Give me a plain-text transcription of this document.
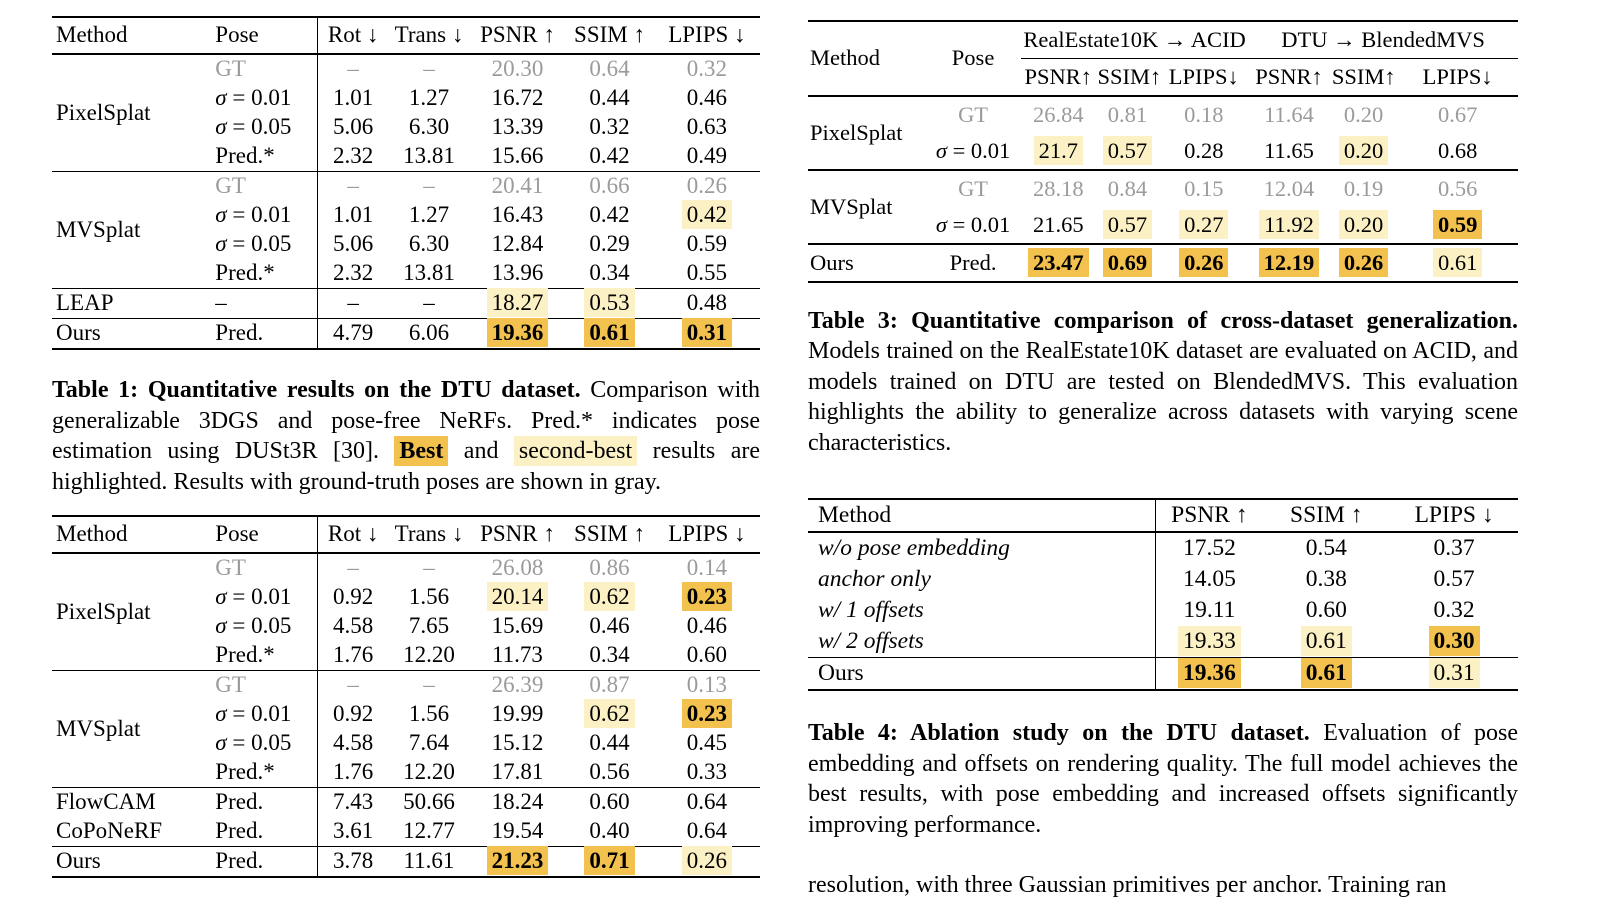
Method	Pose	Rot ↓	Trans ↓	PSNR ↑	SSIM ↑	LPIPS ↓
PixelSplat	GT	–	–	20.30	0.64	0.32
	σ = 0.01	1.01	1.27	16.72	0.44	0.46
	σ = 0.05	5.06	6.30	13.39	0.32	0.63
	Pred.*	2.32	13.81	15.66	0.42	0.49
MVSplat	GT	–	–	20.41	0.66	0.26
	σ = 0.01	1.01	1.27	16.43	0.42	0.42
	σ = 0.05	5.06	6.30	12.84	0.29	0.59
	Pred.*	2.32	13.81	13.96	0.34	0.55
LEAP	–	–	–	18.27	0.53	0.48
Ours	Pred.	4.79	6.06	19.36	0.61	0.31

Table 1: Quantitative results on the DTU dataset. Comparison with generalizable 3DGS and pose-free NeRFs. Pred.* indicates pose estimation using DUSt3R [30]. Best and second-best results are highlighted. Results with ground-truth poses are shown in gray.

Method	Pose	Rot ↓	Trans ↓	PSNR ↑	SSIM ↑	LPIPS ↓
PixelSplat	GT	–	–	26.08	0.86	0.14
	σ = 0.01	0.92	1.56	20.14	0.62	0.23
	σ = 0.05	4.58	7.65	15.69	0.46	0.46
	Pred.*	1.76	12.20	11.73	0.34	0.60
MVSplat	GT	–	–	26.39	0.87	0.13
	σ = 0.01	0.92	1.56	19.99	0.62	0.23
	σ = 0.05	4.58	7.64	15.12	0.44	0.45
	Pred.*	1.76	12.20	17.81	0.56	0.33
FlowCAM	Pred.	7.43	50.66	18.24	0.60	0.64
CoPoNeRF	Pred.	3.61	12.77	19.54	0.40	0.64
Ours	Pred.	3.78	11.61	21.23	0.71	0.26
Method	Pose	RealEstate10K → ACID			DTU → BlendedMVS		
		PSNR↑	SSIM↑	LPIPS↓	PSNR↑	SSIM↑	LPIPS↓
PixelSplat	GT	26.84	0.81	0.18	11.64	0.20	0.67
	σ = 0.01	21.7	0.57	0.28	11.65	0.20	0.68
MVSplat	GT	28.18	0.84	0.15	12.04	0.19	0.56
	σ = 0.01	21.65	0.57	0.27	11.92	0.20	0.59
Ours	Pred.	23.47	0.69	0.26	12.19	0.26	0.61

Table 3: Quantitative comparison of cross-dataset generalization. Models trained on the RealEstate10K dataset are evaluated on ACID, and models trained on DTU are tested on BlendedMVS. This evaluation highlights the ability to generalize across datasets with varying scene characteristics.

Method	PSNR ↑	SSIM ↑	LPIPS ↓
w/o pose embedding	17.52	0.54	0.37
anchor only	14.05	0.38	0.57
w/ 1 offsets	19.11	0.60	0.32
w/ 2 offsets	19.33	0.61	0.30
Ours	19.36	0.61	0.31

Table 4: Ablation study on the DTU dataset. Evaluation of pose embedding and offsets on rendering quality. The full model achieves the best results, with pose embedding and increased offsets significantly improving performance.

resolution, with three Gaussian primitives per anchor. Training ran
